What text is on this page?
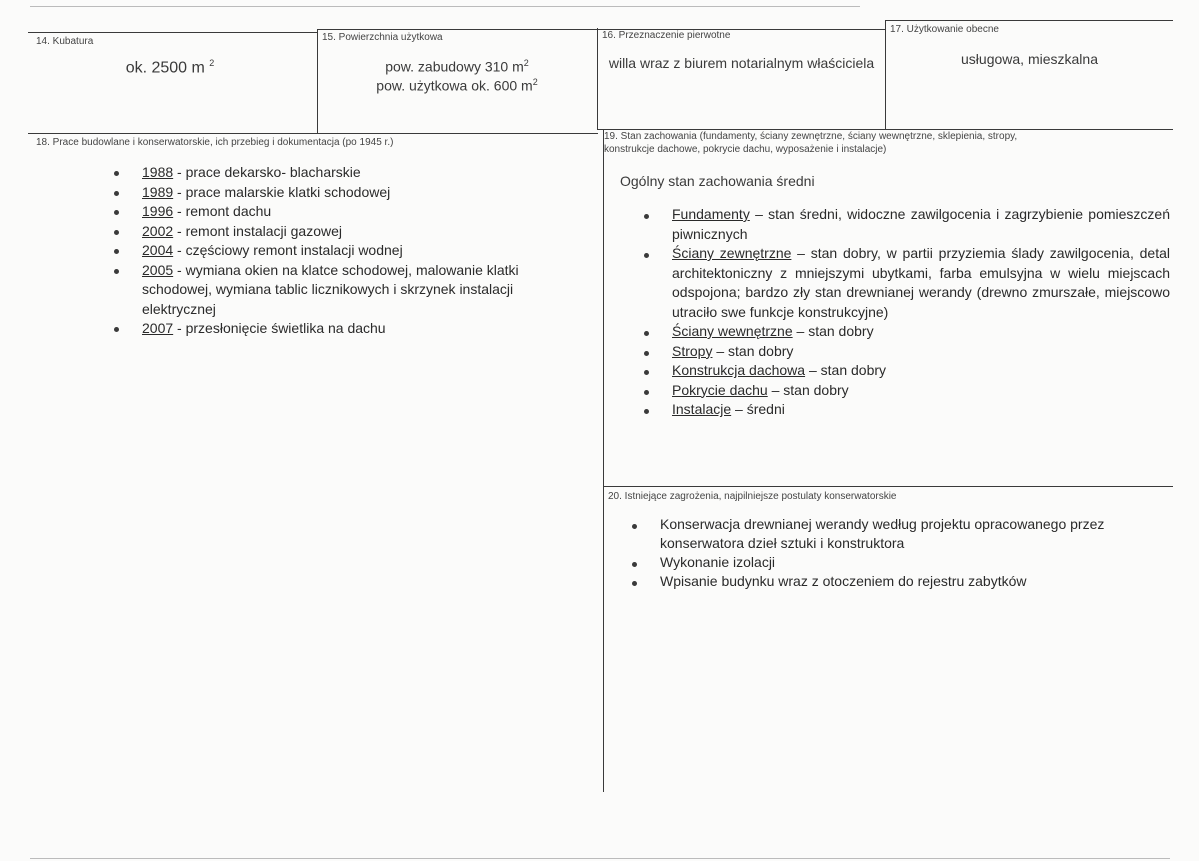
14. Kubatura
ok. 2500 m $^2$
15. Powierzchnia użytkowa
pow. zabudowy 310 $m^2$
pow. użytkowa ok. 600 $m^2$
16. Przeznaczenie pierwotne
willa wraz z biurem notarialnym właściciela
17. Użytkowanie obecne
usługowa, mieszkalna
18. Prace budowlane i konserwatorskie, ich przebieg i dokumentacja (po 1945 r.)
1988 - prace dekarsko- blacharskie
1989 - prace malarskie klatki schodowej
1996 - remont dachu
2002 - remont instalacji gazowej
2004 - częściowy remont instalacji wodnej
2005 - wymiana okien na klatce schodowej, malowanie klatki schodowej, wymiana tablic licznikowych i skrzynek instalacji elektrycznej
2007 - przesłonięcie świetlika na dachu
19. Stan zachowania (fundamenty, ściany zewnętrzne, ściany wewnętrzne, sklepienia, stropy,
konstrukcje dachowe, pokrycie dachu, wyposażenie i instalacje)
Ogólny stan zachowania średni
Fundamenty – stan średni, widoczne zawilgocenia i zagrzybienie pomieszczeń piwnicznych
Ściany zewnętrzne – stan dobry, w partii przyziemia ślady zawilgocenia, detal architektoniczny z mniejszymi ubytkami, farba emulsyjna w wielu miejscach odspojona; bardzo zły stan drewnianej werandy (drewno zmurszałe, miejscowo utraciło swe funkcje konstrukcyjne)
Ściany wewnętrzne – stan dobry
Stropy – stan dobry
Konstrukcja dachowa – stan dobry
Pokrycie dachu – stan dobry
Instalacje – średni
20. Istniejące zagrożenia, najpilniejsze postulaty konserwatorskie
Konserwacja drewnianej werandy według projektu opracowanego przez konserwatora dzieł sztuki i konstruktora
Wykonanie izolacji
Wpisanie budynku wraz z otoczeniem do rejestru zabytków
